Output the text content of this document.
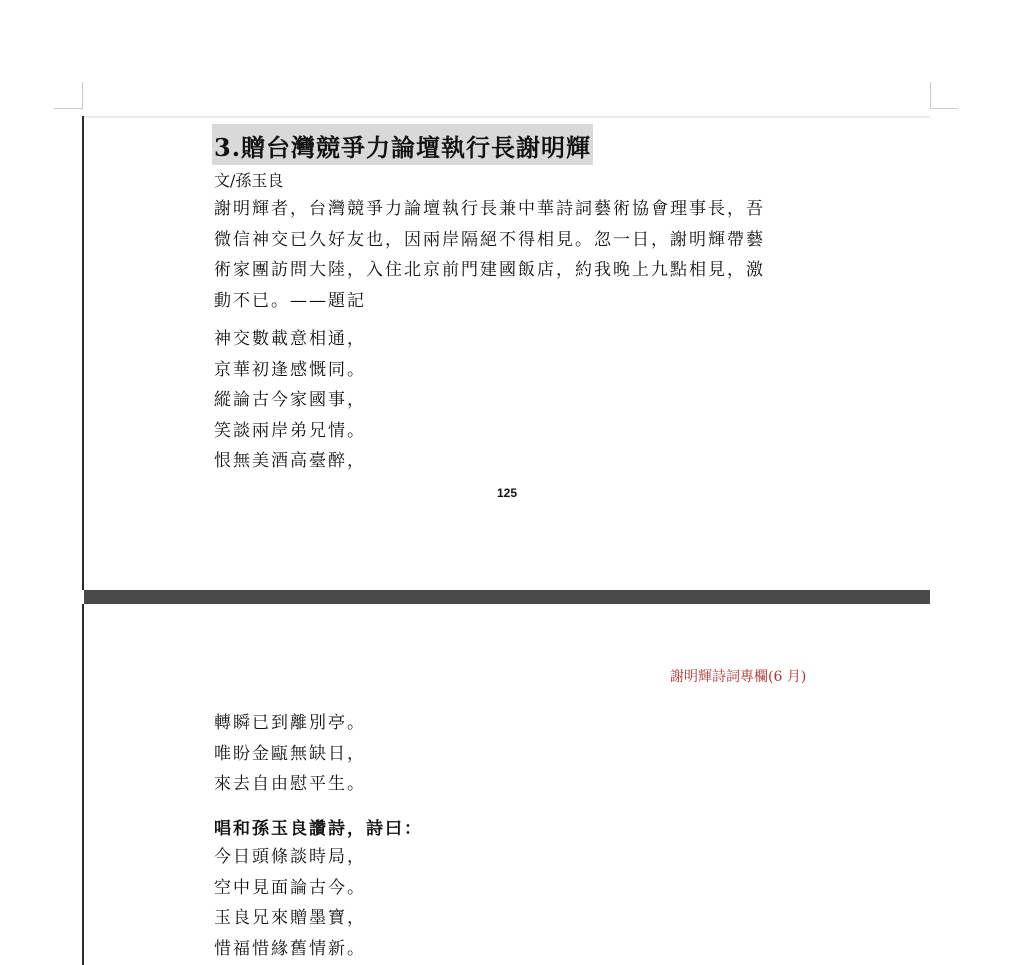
3.贈台灣競爭力論壇執行長謝明輝
文/孫玉良
謝明輝者，台灣競爭力論壇執行長兼中華詩詞藝術協會理事長，吾
微信神交已久好友也，因兩岸隔絕不得相見。忽一日，謝明輝帶藝
術家團訪問大陸，入住北京前門建國飯店，約我晚上九點相見，激
動不已。——題記
神交數載意相通，
京華初逢感慨同。
縱論古今家國事，
笑談兩岸弟兄情。
恨無美酒高臺醉，
125
謝明輝詩詞專欄(6 月)
轉瞬已到離別亭。
唯盼金甌無缺日，
來去自由慰平生。
唱和孫玉良讚詩，詩曰：
今日頭條談時局，
空中見面論古今。
玉良兄來贈墨寶，
惜福惜緣舊情新。
